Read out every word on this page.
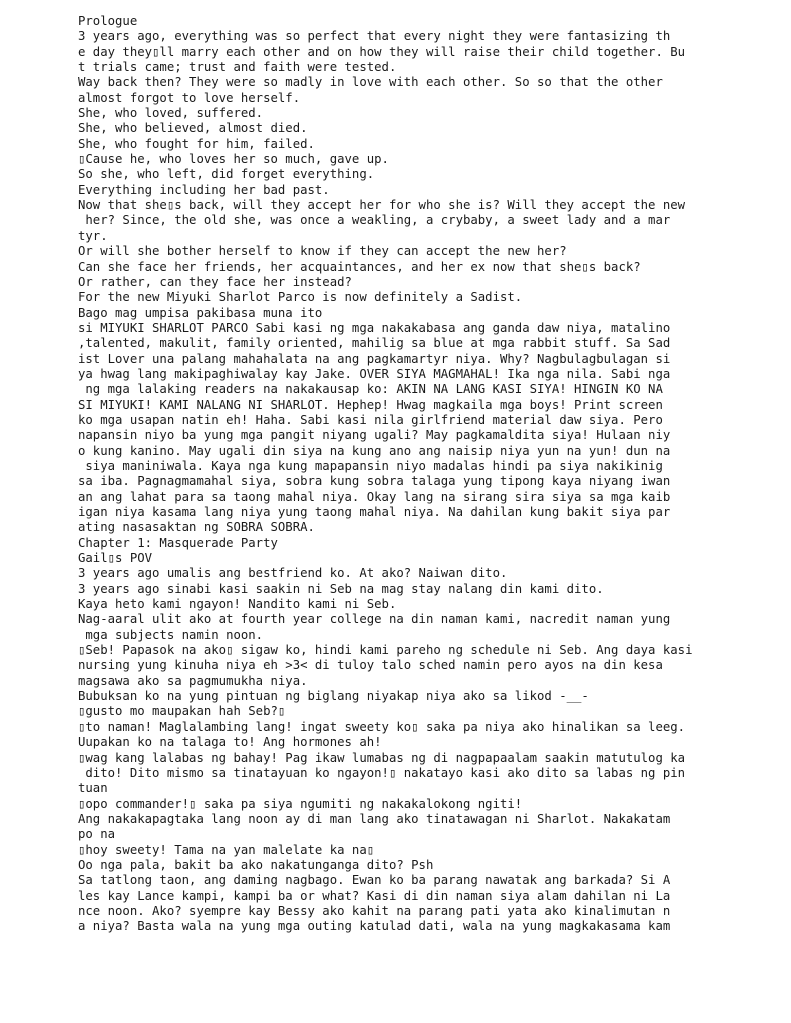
Prologue
3 years ago, everything was so perfect that every night they were fantasizing th
e day they▯ll marry each other and on how they will raise their child together. Bu
t trials came; trust and faith were tested.
Way back then? They were so madly in love with each other. So so that the other
almost forgot to love herself.
She, who loved, suffered.
She, who believed, almost died.
She, who fought for him, failed.
▯Cause he, who loves her so much, gave up.
So she, who left, did forget everything.
Everything including her bad past.
Now that she▯s back, will they accept her for who she is? Will they accept the new
her? Since, the old she, was once a weakling, a crybaby, a sweet lady and a mar
tyr.
Or will she bother herself to know if they can accept the new her?
Can she face her friends, her acquaintances, and her ex now that she▯s back?
Or rather, can they face her instead?
For the new Miyuki Sharlot Parco is now definitely a Sadist.
Bago mag umpisa pakibasa muna ito
si MIYUKI SHARLOT PARCO Sabi kasi ng mga nakakabasa ang ganda daw niya, matalino
,talented, makulit, family oriented, mahilig sa blue at mga rabbit stuff. Sa Sad
ist Lover una palang mahahalata na ang pagkamartyr niya. Why? Nagbulagbulagan si
ya hwag lang makipaghiwalay kay Jake. OVER SIYA MAGMAHAL! Ika nga nila. Sabi nga
ng mga lalaking readers na nakakausap ko: AKIN NA LANG KASI SIYA! HINGIN KO NA
SI MIYUKI! KAMI NALANG NI SHARLOT. Hephep! Hwag magkaila mga boys! Print screen
ko mga usapan natin eh! Haha. Sabi kasi nila girlfriend material daw siya. Pero
napansin niyo ba yung mga pangit niyang ugali? May pagkamaldita siya! Hulaan niy
o kung kanino. May ugali din siya na kung ano ang naisip niya yun na yun! dun na
siya maniniwala. Kaya nga kung mapapansin niyo madalas hindi pa siya nakikinig
sa iba. Pagnagmamahal siya, sobra kung sobra talaga yung tipong kaya niyang iwan
an ang lahat para sa taong mahal niya. Okay lang na sirang sira siya sa mga kaib
igan niya kasama lang niya yung taong mahal niya. Na dahilan kung bakit siya par
ating nasasaktan ng SOBRA SOBRA.
Chapter 1: Masquerade Party
Gail▯s POV
3 years ago umalis ang bestfriend ko. At ako? Naiwan dito.
3 years ago sinabi kasi saakin ni Seb na mag stay nalang din kami dito.
Kaya heto kami ngayon! Nandito kami ni Seb.
Nag-aaral ulit ako at fourth year college na din naman kami, nacredit naman yung
mga subjects namin noon.
▯Seb! Papasok na ako▯ sigaw ko, hindi kami pareho ng schedule ni Seb. Ang daya kasi
nursing yung kinuha niya eh >3< di tuloy talo sched namin pero ayos na din kesa
magsawa ako sa pagmumukha niya.
Bubuksan ko na yung pintuan ng biglang niyakap niya ako sa likod -__-
▯gusto mo maupakan hah Seb?▯
▯to naman! Maglalambing lang! ingat sweety ko▯ saka pa niya ako hinalikan sa leeg.
Uupakan ko na talaga to! Ang hormones ah!
▯wag kang lalabas ng bahay! Pag ikaw lumabas ng di nagpapaalam saakin matutulog ka
dito! Dito mismo sa tinatayuan ko ngayon!▯ nakatayo kasi ako dito sa labas ng pin
tuan
▯opo commander!▯ saka pa siya ngumiti ng nakakalokong ngiti!
Ang nakakapagtaka lang noon ay di man lang ako tinatawagan ni Sharlot. Nakakatam
po na
▯hoy sweety! Tama na yan malelate ka na▯
Oo nga pala, bakit ba ako nakatunganga dito? Psh
Sa tatlong taon, ang daming nagbago. Ewan ko ba parang nawatak ang barkada? Si A
les kay Lance kampi, kampi ba or what? Kasi di din naman siya alam dahilan ni La
nce noon. Ako? syempre kay Bessy ako kahit na parang pati yata ako kinalimutan n
a niya? Basta wala na yung mga outing katulad dati, wala na yung magkakasama kam
